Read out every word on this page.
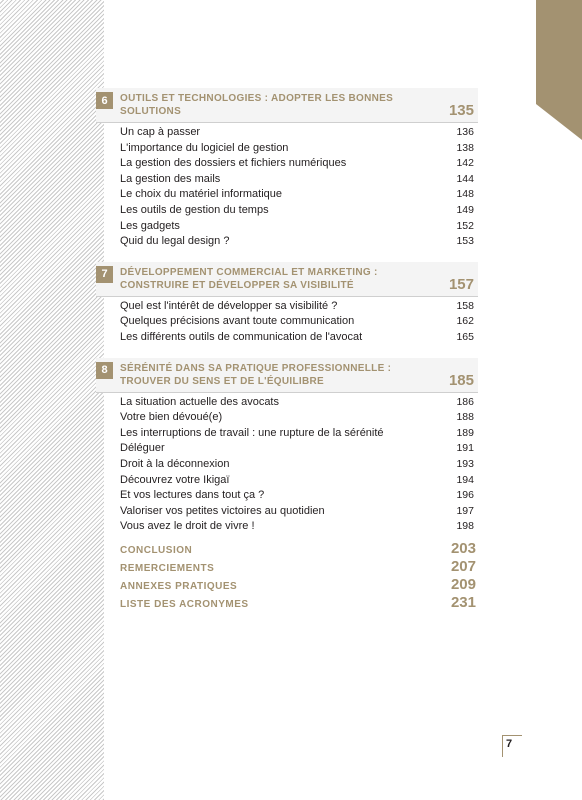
6	OUTILS ET TECHNOLOGIES : ADOPTER LES BONNES SOLUTIONS	135
Un cap à passer	136
L'importance du logiciel de gestion	138
La gestion des dossiers et fichiers numériques	142
La gestion des mails	144
Le choix du matériel informatique	148
Les outils de gestion du temps	149
Les gadgets	152
Quid du legal design ?	153
7	DÉVELOPPEMENT COMMERCIAL ET MARKETING :
CONSTRUIRE ET DÉVELOPPER SA VISIBILITÉ	157
Quel est l'intérêt de développer sa visibilité ?	158
Quelques précisions avant toute communication	162
Les différents outils de communication de l'avocat	165
8	SÉRÉNITÉ DANS SA PRATIQUE PROFESSIONNELLE :
TROUVER DU SENS ET DE L'ÉQUILIBRE	185
La situation actuelle des avocats	186
Votre bien dévoué(e)	188
Les interruptions de travail : une rupture de la sérénité	189
Déléguer	191
Droit à la déconnexion	193
Découvrez votre Ikigaï	194
Et vos lectures dans tout ça ?	196
Valoriser vos petites victoires au quotidien	197
Vous avez le droit de vivre !	198
CONCLUSION	203
REMERCIEMENTS	207
ANNEXES PRATIQUES	209
LISTE DES ACRONYMES	231
7
